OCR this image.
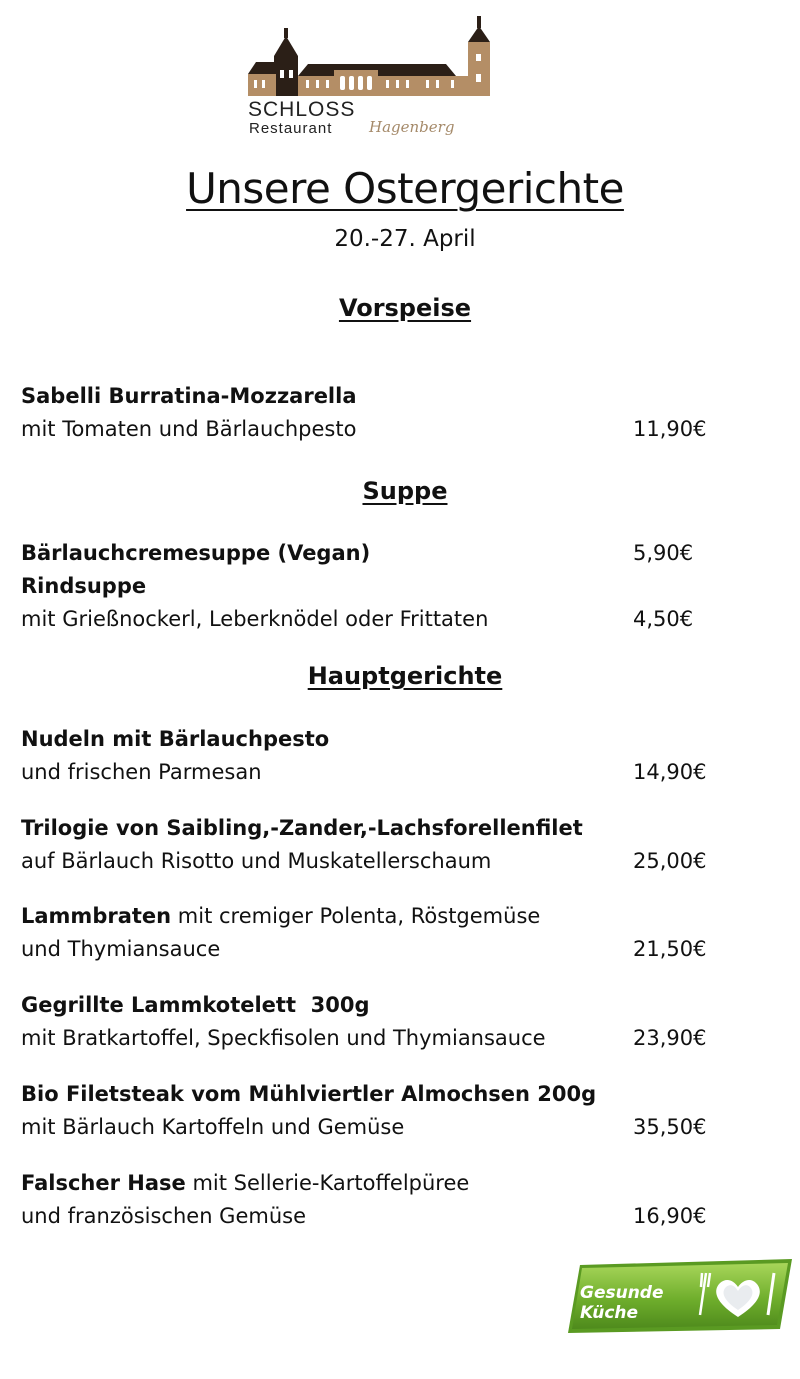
SCHLOSS
Restaurant Hagenberg
Unsere Ostergerichte
20.-27. April
Vorspeise
Sabelli Burratina-Mozzarella
mit Tomaten und Bärlauchpesto	11,90€
Suppe
Bärlauchcremesuppe (Vegan)	5,90€
Rindsuppe
mit Grießnockerl, Leberknödel oder Frittaten	4,50€
Hauptgerichte
Nudeln mit Bärlauchpesto
und frischen Parmesan	14,90€
Trilogie von Saibling,-Zander,-Lachsforellenfilet
auf Bärlauch Risotto und Muskatellerschaum	25,00€
Lammbraten mit cremiger Polenta, Röstgemüse
und Thymiansauce	21,50€
Gegrillte Lammkotelett  300g
mit Bratkartoffel, Speckfisolen und Thymiansauce	23,90€
Bio Filetsteak vom Mühlviertler Almochsen 200g
mit Bärlauch Kartoffeln und Gemüse	35,50€
Falscher Hase mit Sellerie-Kartoffelpüree
und französischen Gemüse	16,90€
Gesunde
Küche
